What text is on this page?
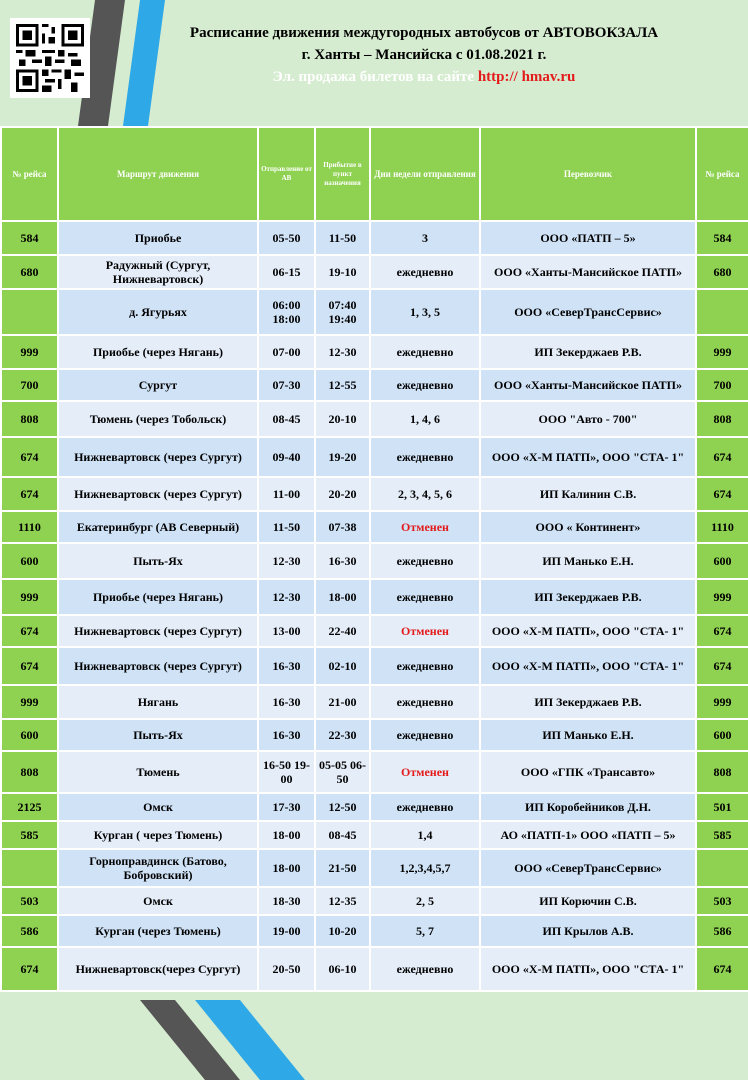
Расписание движения междугородных автобусов от АВТОВОКЗАЛА
г. Ханты – Мансийска с 01.08.2021 г.
Эл. продажа билетов на сайте http:// hmav.ru
№ рейса	Маршрут движения	Отправление от АВ	Прибытие в пункт назначения	Дни недели отправления	Перевозчик	№ рейса
584	Приобье	05-50	11-50	3	ООО «ПАТП – 5»	584
680	Радужный (Сургут, Нижневартовск)	06-15	19-10	ежедневно	ООО «Ханты-Мансийское ПАТП»	680
	д. Ягурьях	06:00 18:00	07:40 19:40	1, 3, 5	ООО «СеверТрансСервис»	
999	Приобье (через Нягань)	07-00	12-30	ежедневно	ИП Зекерджаев Р.В.	999
700	Сургут	07-30	12-55	ежедневно	ООО «Ханты-Мансийское ПАТП»	700
808	Тюмень (через Тобольск)	08-45	20-10	1, 4, 6	ООО "Авто - 700"	808
674	Нижневартовск (через Сургут)	09-40	19-20	ежедневно	ООО «Х-М ПАТП», ООО "СТА- 1"	674
674	Нижневартовск (через Сургут)	11-00	20-20	2, 3, 4, 5, 6	ИП Калинин С.В.	674
1110	Екатеринбург (АВ Северный)	11-50	07-38	Отменен	ООО « Континент»	1110
600	Пыть-Ях	12-30	16-30	ежедневно	ИП Манько Е.Н.	600
999	Приобье (через Нягань)	12-30	18-00	ежедневно	ИП Зекерджаев Р.В.	999
674	Нижневартовск (через Сургут)	13-00	22-40	Отменен	ООО «Х-М ПАТП», ООО "СТА- 1"	674
674	Нижневартовск (через Сургут)	16-30	02-10	ежедневно	ООО «Х-М ПАТП», ООО "СТА- 1"	674
999	Нягань	16-30	21-00	ежедневно	ИП Зекерджаев Р.В.	999
600	Пыть-Ях	16-30	22-30	ежедневно	ИП Манько Е.Н.	600
808	Тюмень	16-50 19-00	05-05 06-50	Отменен	ООО «ГПК «Трансавто»	808
2125	Омск	17-30	12-50	ежедневно	ИП Коробейников Д.Н.	501
585	Курган ( через Тюмень)	18-00	08-45	1,4	АО «ПАТП-1» ООО «ПАТП – 5»	585
	Горноправдинск (Батово, Бобровский)	18-00	21-50	1,2,3,4,5,7	ООО «СеверТрансСервис»	
503	Омск	18-30	12-35	2, 5	ИП Корючин С.В.	503
586	Курган (через Тюмень)	19-00	10-20	5, 7	ИП Крылов А.В.	586
674	Нижневартовск(через Сургут)	20-50	06-10	ежедневно	ООО «Х-М ПАТП», ООО "СТА- 1"	674
